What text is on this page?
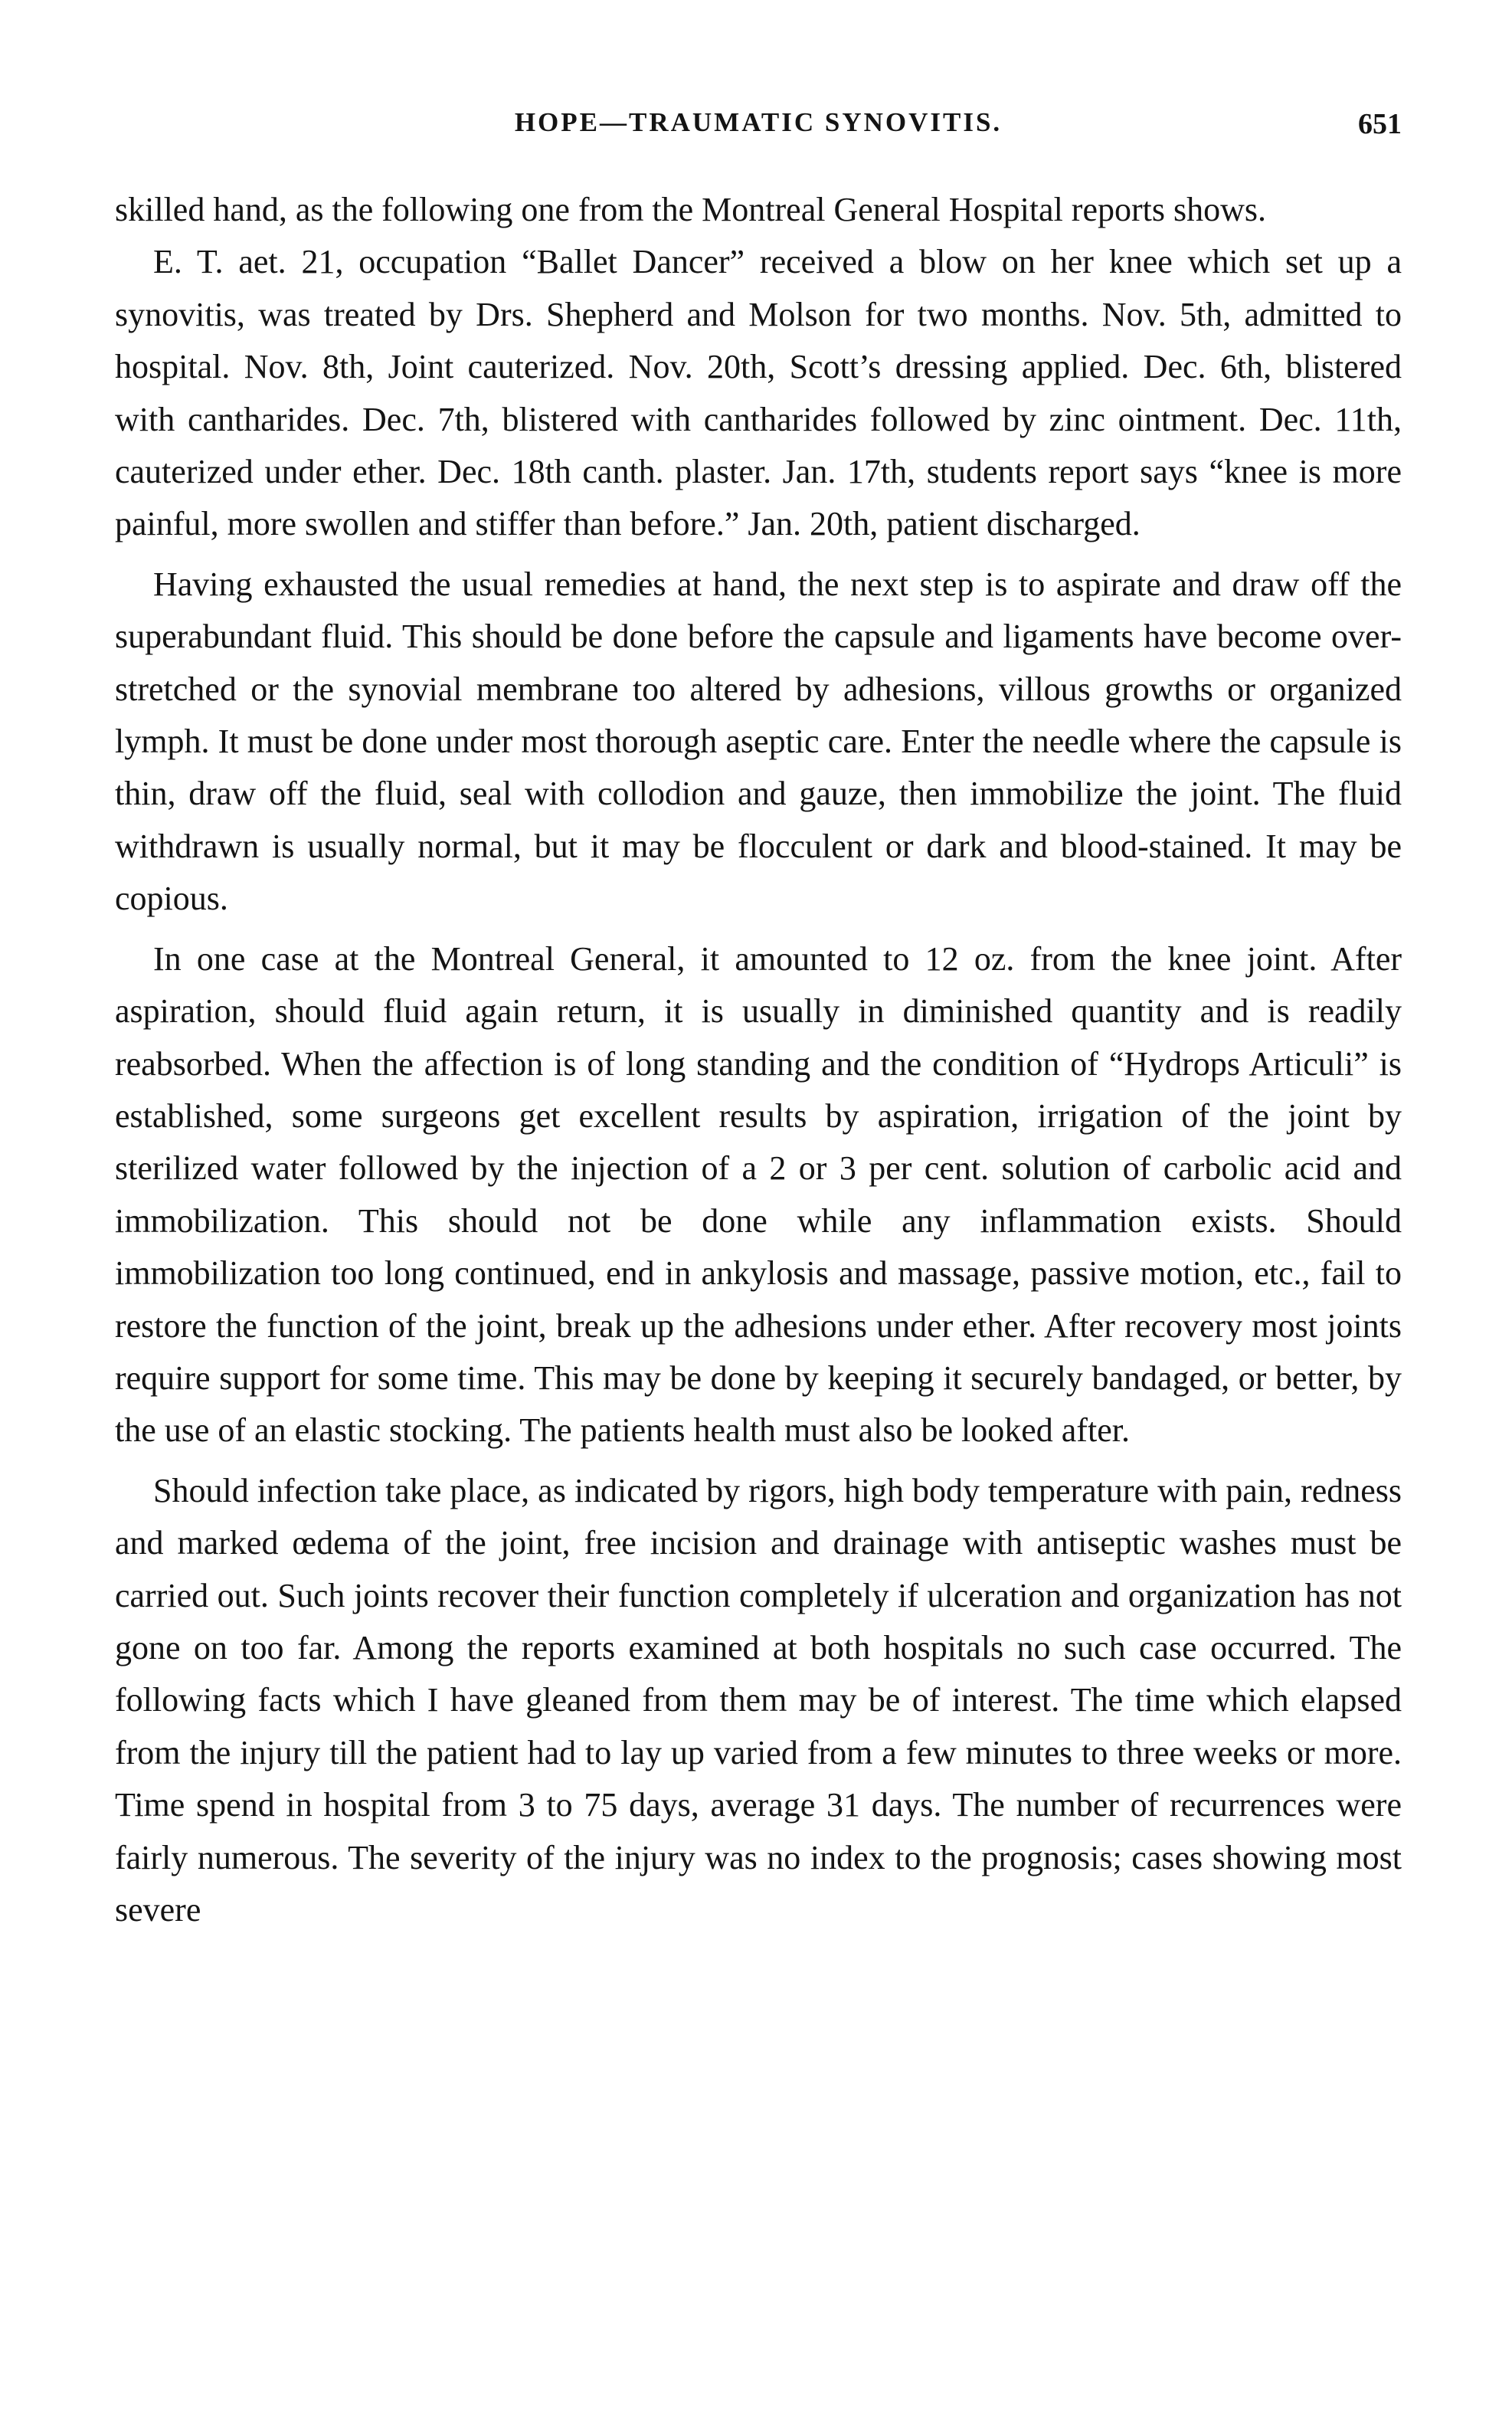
HOPE—TRAUMATIC SYNOVITIS.	651

skilled hand, as the following one from the Montreal General Hospital reports shows.

E. T. aet. 21, occupation “Ballet Dancer” received a blow on her knee which set up a synovitis, was treated by Drs. Shepherd and Molson for two months. Nov. 5th, admitted to hospital. Nov. 8th, Joint cauterized. Nov. 20th, Scott’s dressing applied. Dec. 6th, blistered with cantharides. Dec. 7th, blistered with cantharides followed by zinc ointment. Dec. 11th, cauterized under ether. Dec. 18th canth. plaster. Jan. 17th, students report says “knee is more painful, more swollen and stiffer than before.” Jan. 20th, patient discharged.

Having exhausted the usual remedies at hand, the next step is to aspirate and draw off the superabundant fluid. This should be done before the capsule and ligaments have become over-stretched or the synovial membrane too altered by adhesions, villous growths or organized lymph. It must be done under most thorough aseptic care. Enter the needle where the capsule is thin, draw off the fluid, seal with collodion and gauze, then immobilize the joint. The fluid withdrawn is usually normal, but it may be flocculent or dark and blood-stained. It may be copious.

In one case at the Montreal General, it amounted to 12 oz. from the knee joint. After aspiration, should fluid again return, it is usually in diminished quantity and is readily reabsorbed. When the affection is of long standing and the condition of “Hydrops Articuli” is established, some surgeons get excellent results by aspiration, irrigation of the joint by sterilized water followed by the injection of a 2 or 3 per cent. solution of carbolic acid and immobilization. This should not be done while any inflammation exists. Should immobilization too long continued, end in ankylosis and massage, passive motion, etc., fail to restore the function of the joint, break up the adhesions under ether. After recovery most joints require support for some time. This may be done by keeping it securely bandaged, or better, by the use of an elastic stocking. The patients health must also be looked after.

Should infection take place, as indicated by rigors, high body temperature with pain, redness and marked œdema of the joint, free incision and drainage with antiseptic washes must be carried out. Such joints recover their function completely if ulceration and organization has not gone on too far. Among the reports examined at both hospitals no such case occurred. The following facts which I have gleaned from them may be of interest. The time which elapsed from the injury till the patient had to lay up varied from a few minutes to three weeks or more. Time spend in hospital from 3 to 75 days, average 31 days. The number of recurrences were fairly numerous. The severity of the injury was no index to the prognosis; cases showing most severe
